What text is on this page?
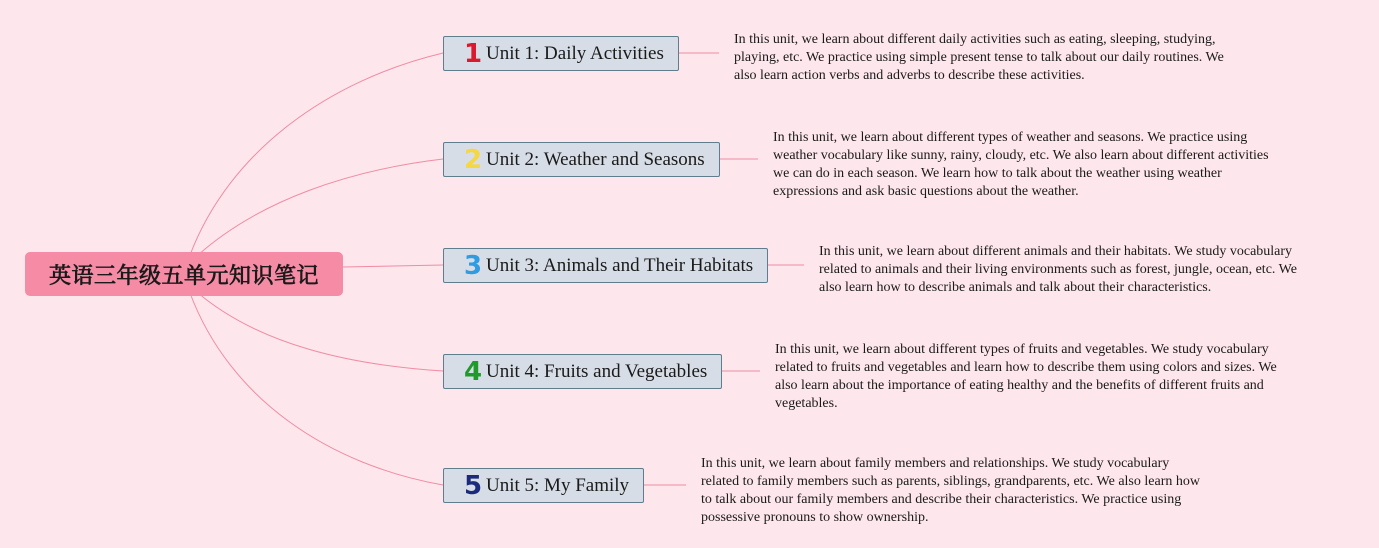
英语三年级五单元知识笔记
1 Unit 1: Daily Activities

In this unit, we learn about different daily activities such as eating, sleeping, studying, playing, etc. We practice using simple present tense to talk about our daily routines. We also learn action verbs and adverbs to describe these activities.

2 Unit 2: Weather and Seasons

In this unit, we learn about different types of weather and seasons. We practice using weather vocabulary like sunny, rainy, cloudy, etc. We also learn about different activities we can do in each season. We learn how to talk about the weather using weather expressions and ask basic questions about the weather.

3 Unit 3: Animals and Their Habitats

In this unit, we learn about different animals and their habitats. We study vocabulary related to animals and their living environments such as forest, jungle, ocean, etc. We also learn how to describe animals and talk about their characteristics.

4 Unit 4: Fruits and Vegetables

In this unit, we learn about different types of fruits and vegetables. We study vocabulary related to fruits and vegetables and learn how to describe them using colors and sizes. We also learn about the importance of eating healthy and the benefits of different fruits and vegetables.

5 Unit 5: My Family

In this unit, we learn about family members and relationships. We study vocabulary related to family members such as parents, siblings, grandparents, etc. We also learn how to talk about our family members and describe their characteristics. We practice using possessive pronouns to show ownership.
